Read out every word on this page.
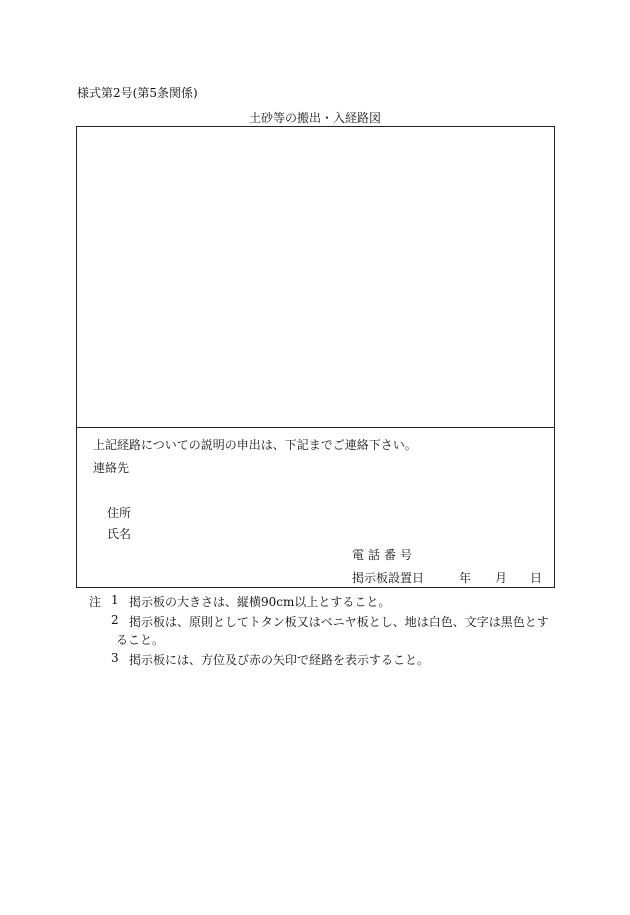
様式第2号(第5条関係)
土砂等の搬出・入経路図
上記経路についての説明の申出は、下記までご連絡下さい。
連絡先
住所
氏名
電話番号
掲示板設置日	年 月 日
注 1 掲示板の大きさは、縦横90cm以上とすること。
2 掲示板は、原則としてトタン板又はベニヤ板とし、地は白色、文字は黒色とす
ること。
3 掲示板には、方位及び赤の矢印で経路を表示すること。
